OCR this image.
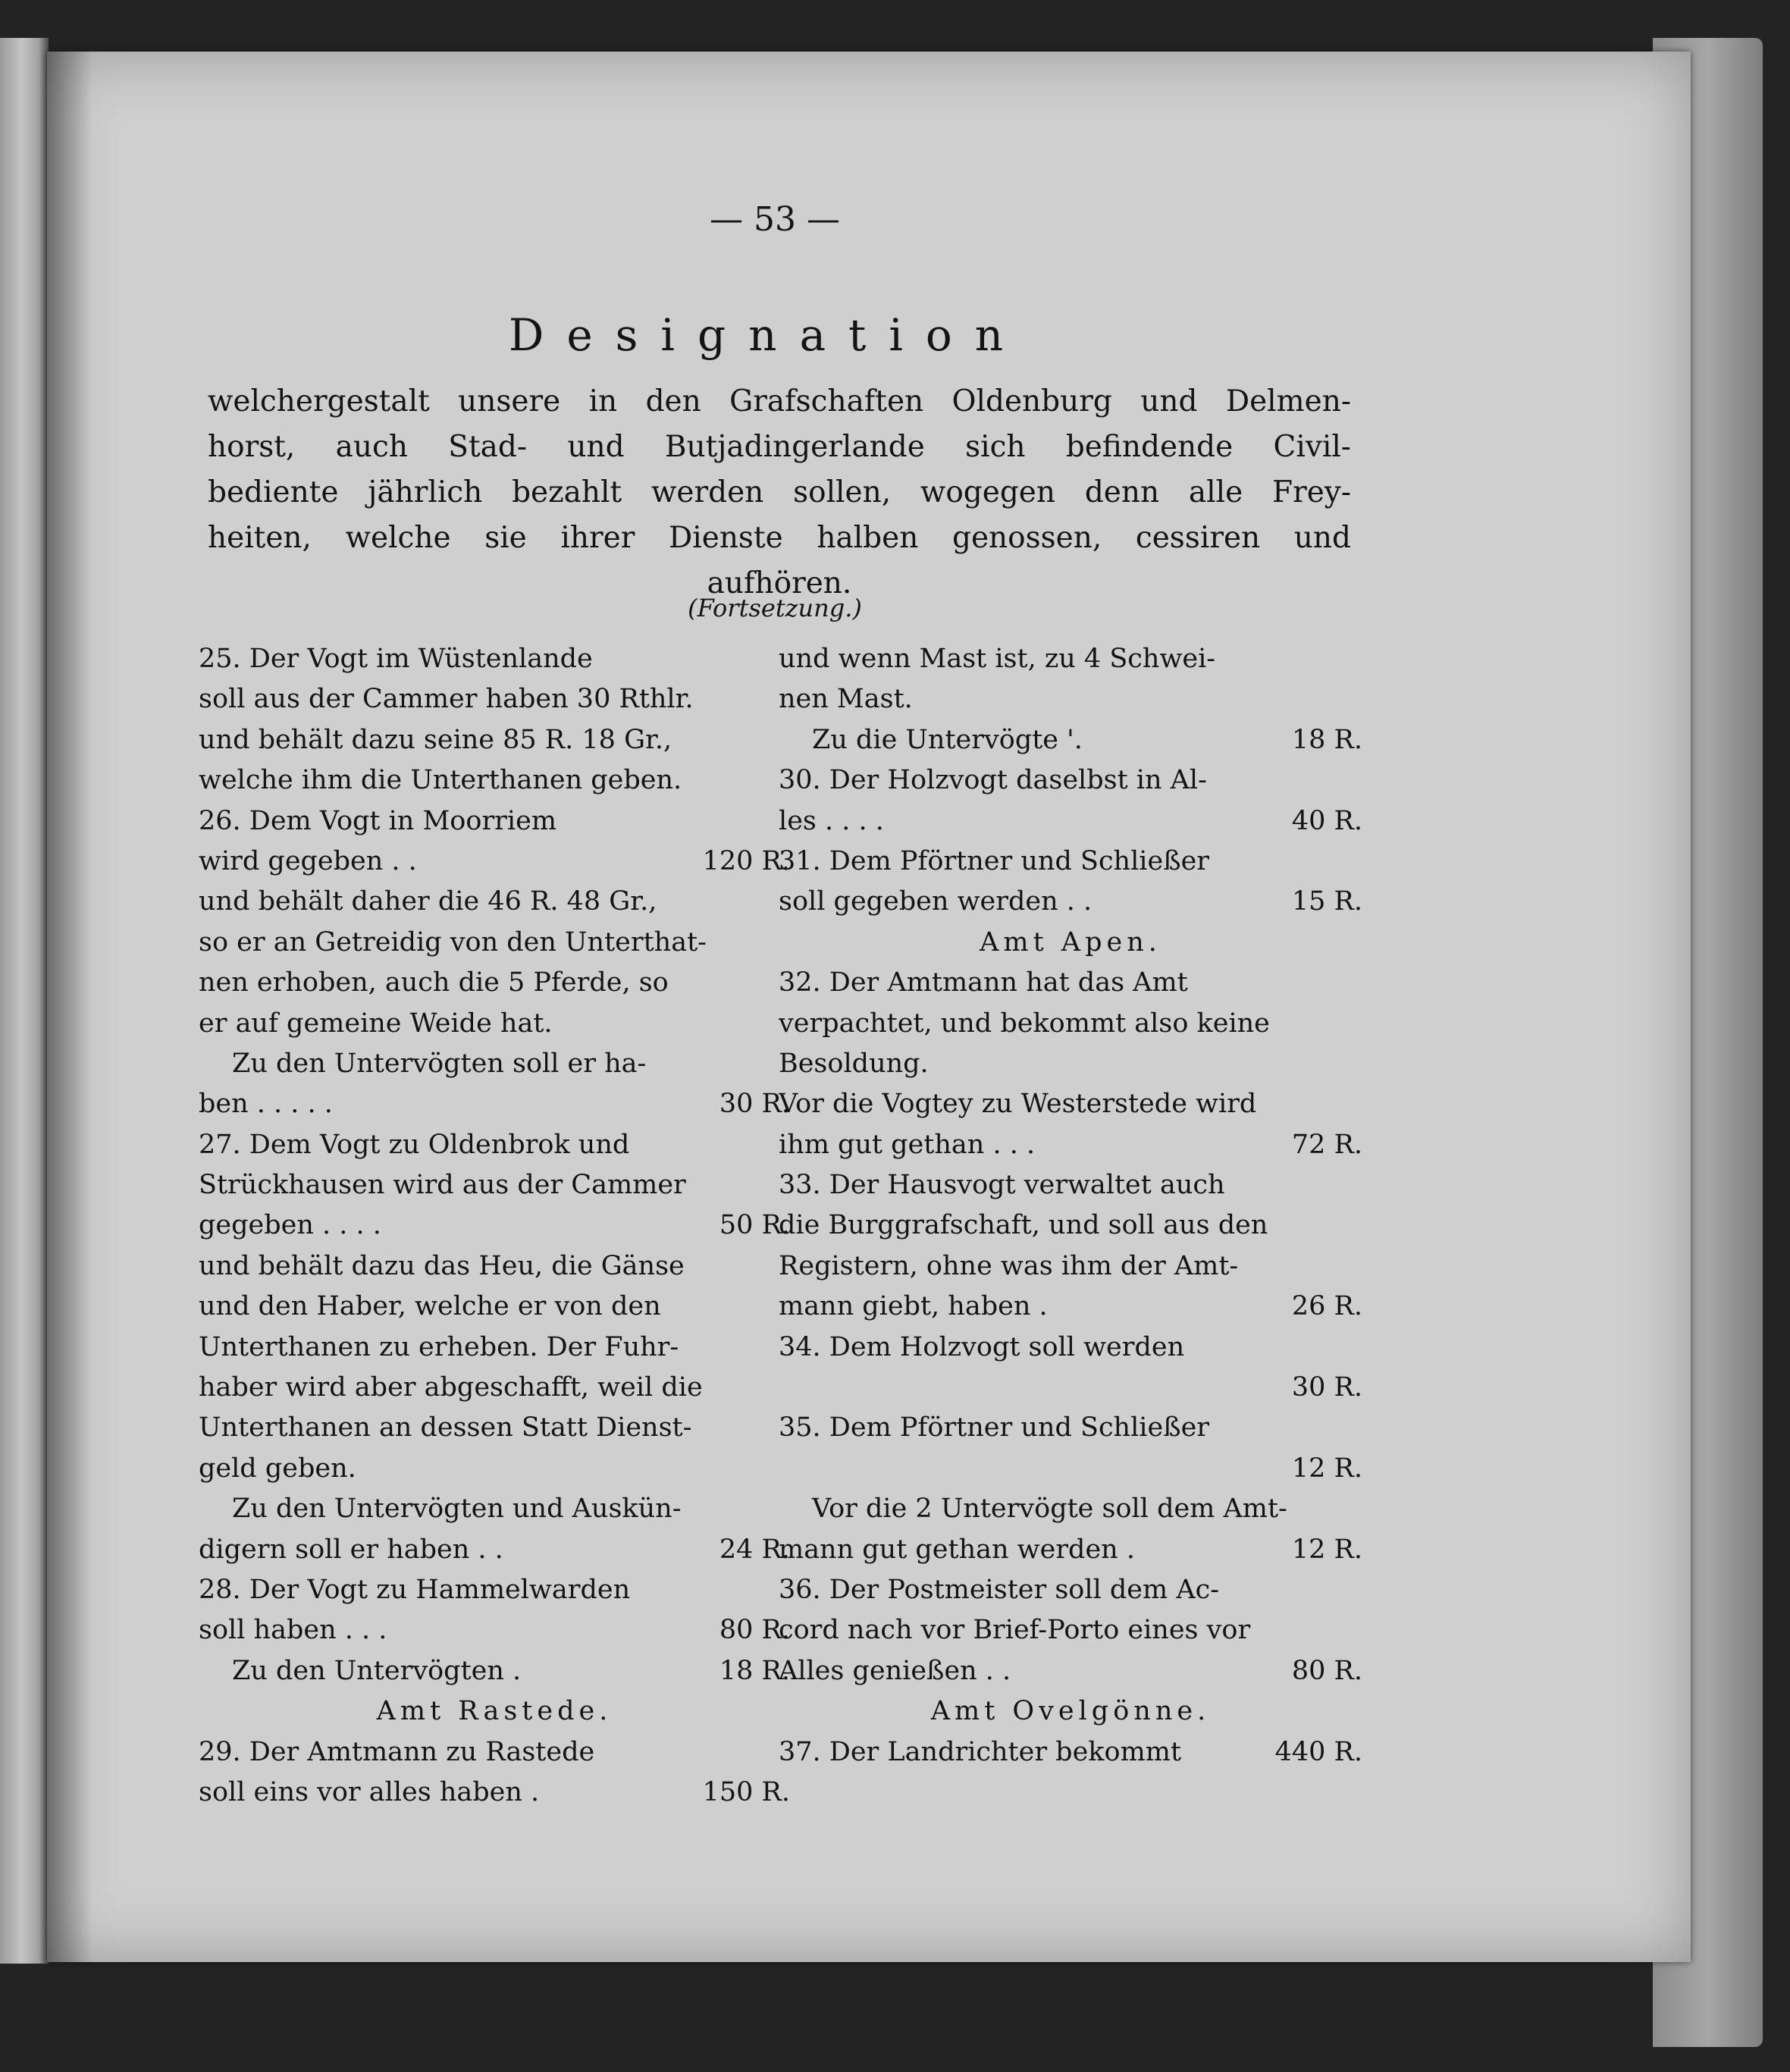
— 53 —
Designation
welchergestalt unsere in den Grafschaften Oldenburg und Delmen-
horst, auch Stad- und Butjadingerlande sich befindende Civil-
bediente jährlich bezahlt werden sollen, wogegen denn alle Frey-
heiten, welche sie ihrer Dienste halben genossen, cessiren und
aufhören.
(Fortsetzung.)
25. Der Vogt im Wüstenlande
soll aus der Cammer haben 30 Rthlr.
und behält dazu seine 85 R. 18 Gr.,
welche ihm die Unterthanen geben.
26. Dem Vogt in Moorriem
wird gegeben . .	120 R.
und behält daher die 46 R. 48 Gr.,
so er an Getreidig von den Unterthat-
nen erhoben, auch die 5 Pferde, so
er auf gemeine Weide hat.
Zu den Untervögten soll er ha-
ben . . . . .	30 R.
27. Dem Vogt zu Oldenbrok und
Strückhausen wird aus der Cammer
gegeben . . . .	50 R.
und behält dazu das Heu, die Gänse
und den Haber, welche er von den
Unterthanen zu erheben. Der Fuhr-
haber wird aber abgeschafft, weil die
Unterthanen an dessen Statt Dienst-
geld geben.
Zu den Untervögten und Auskün-
digern soll er haben . .	24 R.
28. Der Vogt zu Hammelwarden
soll haben . . .	80 R.
Zu den Untervögten .	18 R.
Amt Rastede.
29. Der Amtmann zu Rastede
soll eins vor alles haben .	150 R.
und wenn Mast ist, zu 4 Schwei-
nen Mast.
Zu die Untervögte '.	18 R.
30. Der Holzvogt daselbst in Al-
les . . . .	40 R.
31. Dem Pförtner und Schließer
soll gegeben werden . .	15 R.
Amt Apen.
32. Der Amtmann hat das Amt
verpachtet, und bekommt also keine
Besoldung.
Vor die Vogtey zu Westerstede wird
ihm gut gethan . . .	72 R.
33. Der Hausvogt verwaltet auch
die Burggrafschaft, und soll aus den
Registern, ohne was ihm der Amt-
mann giebt, haben .	26 R.
34. Dem Holzvogt soll werden
30 R.
35. Dem Pförtner und Schließer
12 R.
Vor die 2 Untervögte soll dem Amt-
mann gut gethan werden .	12 R.
36. Der Postmeister soll dem Ac-
cord nach vor Brief-Porto eines vor
Alles genießen . .	80 R.
Amt Ovelgönne.
37. Der Landrichter bekommt	440 R.
